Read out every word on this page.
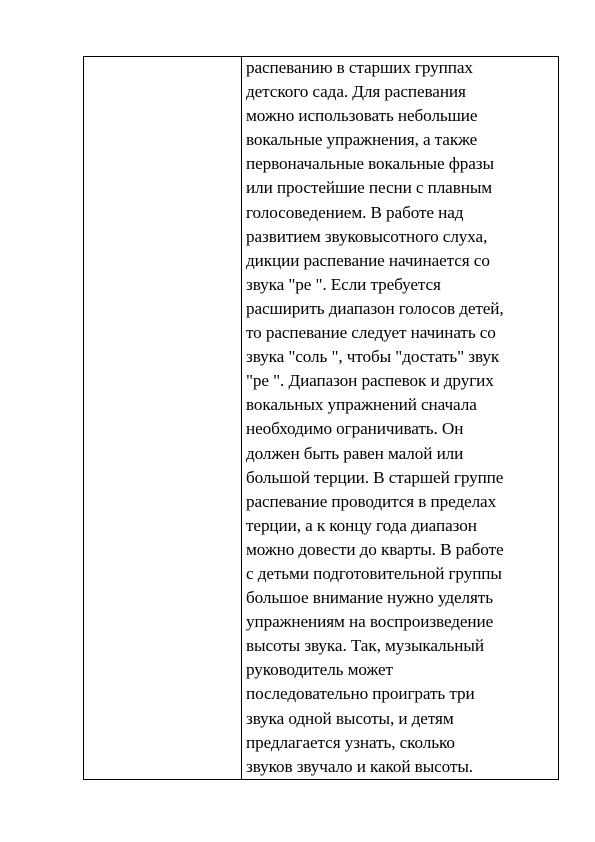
распеванию в старших группах
детского сада. Для распевания
можно использовать небольшие
вокальные упражнения, а также
первоначальные вокальные фразы
или простейшие песни с плавным
голосоведением. В работе над
развитием звуковысотного слуха,
дикции распевание начинается со
звука "ре ". Если требуется
расширить диапазон голосов детей,
то распевание следует начинать со
звука "соль ", чтобы "достать" звук
"ре ". Диапазон распевок и других
вокальных упражнений сначала
необходимо ограничивать. Он
должен быть равен малой или
большой терции. В старшей группе
распевание проводится в пределах
терции, а к концу года диапазон
можно довести до кварты. В работе
с детьми подготовительной группы
большое внимание нужно уделять
упражнениям на воспроизведение
высоты звука. Так, музыкальный
руководитель может
последовательно проиграть три
звука одной высоты, и детям
предлагается узнать, сколько
звуков звучало и какой высоты.
